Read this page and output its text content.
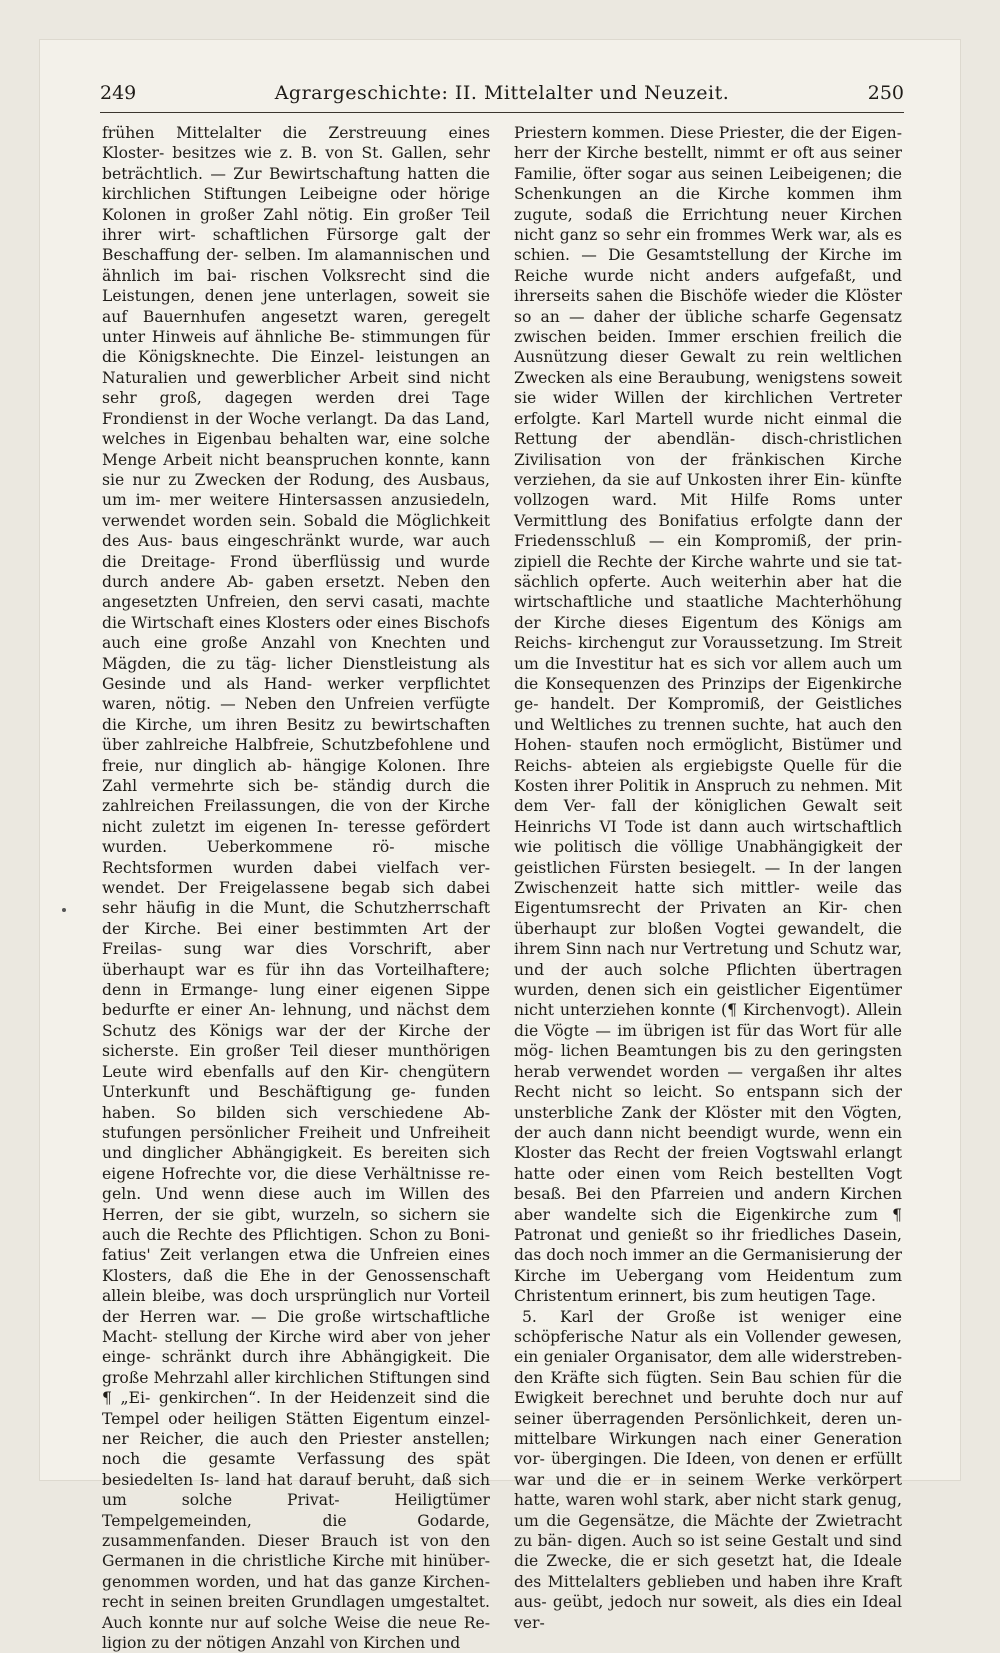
249	Agrargeschichte: II. Mittelalter und Neuzeit.	250

frühen Mittelalter die Zerstreuung eines Kloster- besitzes wie z. B. von St. Gallen, sehr beträchtlich. — Zur Bewirtschaftung hatten die kirchlichen Stiftungen Leibeigne oder hörige Kolonen in großer Zahl nötig. Ein großer Teil ihrer wirt- schaftlichen Fürsorge galt der Beschaffung der- selben. Im alamannischen und ähnlich im bai- rischen Volksrecht sind die Leistungen, denen jene unterlagen, soweit sie auf Bauernhufen angesetzt waren, geregelt unter Hinweis auf ähnliche Be- stimmungen für die Königsknechte. Die Einzel- leistungen an Naturalien und gewerblicher Arbeit sind nicht sehr groß, dagegen werden drei Tage Frondienst in der Woche verlangt. Da das Land, welches in Eigenbau behalten war, eine solche Menge Arbeit nicht beanspruchen konnte, kann sie nur zu Zwecken der Rodung, des Ausbaus, um im- mer weitere Hintersassen anzusiedeln, verwendet worden sein. Sobald die Möglichkeit des Aus- baus eingeschränkt wurde, war auch die Dreitage- Frond überflüssig und wurde durch andere Ab- gaben ersetzt. Neben den angesetzten Unfreien, den servi casati, machte die Wirtschaft eines Klosters oder eines Bischofs auch eine große Anzahl von Knechten und Mägden, die zu täg- licher Dienstleistung als Gesinde und als Hand- werker verpflichtet waren, nötig. — Neben den Unfreien verfügte die Kirche, um ihren Besitz zu bewirtschaften über zahlreiche Halbfreie, Schutzbefohlene und freie, nur dinglich ab- hängige Kolonen. Ihre Zahl vermehrte sich be- ständig durch die zahlreichen Freilassungen, die von der Kirche nicht zuletzt im eigenen In- teresse gefördert wurden. Ueberkommene rö- mische Rechtsformen wurden dabei vielfach ver- wendet. Der Freigelassene begab sich dabei sehr häufig in die Munt, die Schutzherrschaft der Kirche. Bei einer bestimmten Art der Freilas- sung war dies Vorschrift, aber überhaupt war es für ihn das Vorteilhaftere; denn in Ermange- lung einer eigenen Sippe bedurfte er einer An- lehnung, und nächst dem Schutz des Königs war der der Kirche der sicherste. Ein großer Teil dieser munthörigen Leute wird ebenfalls auf den Kir- chengütern Unterkunft und Beschäftigung ge- funden haben. So bilden sich verschiedene Ab- stufungen persönlicher Freiheit und Unfreiheit und dinglicher Abhängigkeit. Es bereiten sich eigene Hofrechte vor, die diese Verhältnisse re- geln. Und wenn diese auch im Willen des Herren, der sie gibt, wurzeln, so sichern sie auch die Rechte des Pflichtigen. Schon zu Boni- fatius' Zeit verlangen etwa die Unfreien eines Klosters, daß die Ehe in der Genossenschaft allein bleibe, was doch ursprünglich nur Vorteil der Herren war. — Die große wirtschaftliche Macht- stellung der Kirche wird aber von jeher einge- schränkt durch ihre Abhängigkeit. Die große Mehrzahl aller kirchlichen Stiftungen sind ¶ „Ei- genkirchen“. In der Heidenzeit sind die Tempel oder heiligen Stätten Eigentum einzel- ner Reicher, die auch den Priester anstellen; noch die gesamte Verfassung des spät besiedelten Is- land hat darauf beruht, daß sich um solche Privat- Heiligtümer Tempelgemeinden, die Godarde, zusammenfanden. Dieser Brauch ist von den Germanen in die christliche Kirche mit hinüber- genommen worden, und hat das ganze Kirchen- recht in seinen breiten Grundlagen umgestaltet. Auch konnte nur auf solche Weise die neue Re- ligion zu der nötigen Anzahl von Kirchen und

Priestern kommen. Diese Priester, die der Eigen- herr der Kirche bestellt, nimmt er oft aus seiner Familie, öfter sogar aus seinen Leibeigenen; die Schenkungen an die Kirche kommen ihm zugute, sodaß die Errichtung neuer Kirchen nicht ganz so sehr ein frommes Werk war, als es schien. — Die Gesamtstellung der Kirche im Reiche wurde nicht anders aufgefaßt, und ihrerseits sahen die Bischöfe wieder die Klöster so an — daher der übliche scharfe Gegensatz zwischen beiden. Immer erschien freilich die Ausnützung dieser Gewalt zu rein weltlichen Zwecken als eine Beraubung, wenigstens soweit sie wider Willen der kirchlichen Vertreter erfolgte. Karl Martell wurde nicht einmal die Rettung der abendlän- disch-christlichen Zivilisation von der fränkischen Kirche verziehen, da sie auf Unkosten ihrer Ein- künfte vollzogen ward. Mit Hilfe Roms unter Vermittlung des Bonifatius erfolgte dann der Friedensschluß — ein Kompromiß, der prin- zipiell die Rechte der Kirche wahrte und sie tat- sächlich opferte. Auch weiterhin aber hat die wirtschaftliche und staatliche Machterhöhung der Kirche dieses Eigentum des Königs am Reichs- kirchengut zur Voraussetzung. Im Streit um die Investitur hat es sich vor allem auch um die Konsequenzen des Prinzips der Eigenkirche ge- handelt. Der Kompromiß, der Geistliches und Weltliches zu trennen suchte, hat auch den Hohen- staufen noch ermöglicht, Bistümer und Reichs- abteien als ergiebigste Quelle für die Kosten ihrer Politik in Anspruch zu nehmen. Mit dem Ver- fall der königlichen Gewalt seit Heinrichs VI Tode ist dann auch wirtschaftlich wie politisch die völlige Unabhängigkeit der geistlichen Fürsten besiegelt. — In der langen Zwischenzeit hatte sich mittler- weile das Eigentumsrecht der Privaten an Kir- chen überhaupt zur bloßen Vogtei gewandelt, die ihrem Sinn nach nur Vertretung und Schutz war, und der auch solche Pflichten übertragen wurden, denen sich ein geistlicher Eigentümer nicht unterziehen konnte (¶ Kirchenvogt). Allein die Vögte — im übrigen ist für das Wort für alle mög- lichen Beamtungen bis zu den geringsten herab verwendet worden — vergaßen ihr altes Recht nicht so leicht. So entspann sich der unsterbliche Zank der Klöster mit den Vögten, der auch dann nicht beendigt wurde, wenn ein Kloster das Recht der freien Vogtswahl erlangt hatte oder einen vom Reich bestellten Vogt besaß. Bei den Pfarreien und andern Kirchen aber wandelte sich die Eigenkirche zum ¶ Patronat und genießt so ihr friedliches Dasein, das doch noch immer an die Germanisierung der Kirche im Uebergang vom Heidentum zum Christentum erinnert, bis zum heutigen Tage.

5. Karl der Große ist weniger eine schöpferische Natur als ein Vollender gewesen, ein genialer Organisator, dem alle widerstreben- den Kräfte sich fügten. Sein Bau schien für die Ewigkeit berechnet und beruhte doch nur auf seiner überragenden Persönlichkeit, deren un- mittelbare Wirkungen nach einer Generation vor- übergingen. Die Ideen, von denen er erfüllt war und die er in seinem Werke verkörpert hatte, waren wohl stark, aber nicht stark genug, um die Gegensätze, die Mächte der Zwietracht zu bän- digen. Auch so ist seine Gestalt und sind die Zwecke, die er sich gesetzt hat, die Ideale des Mittelalters geblieben und haben ihre Kraft aus- geübt, jedoch nur soweit, als dies ein Ideal ver-
